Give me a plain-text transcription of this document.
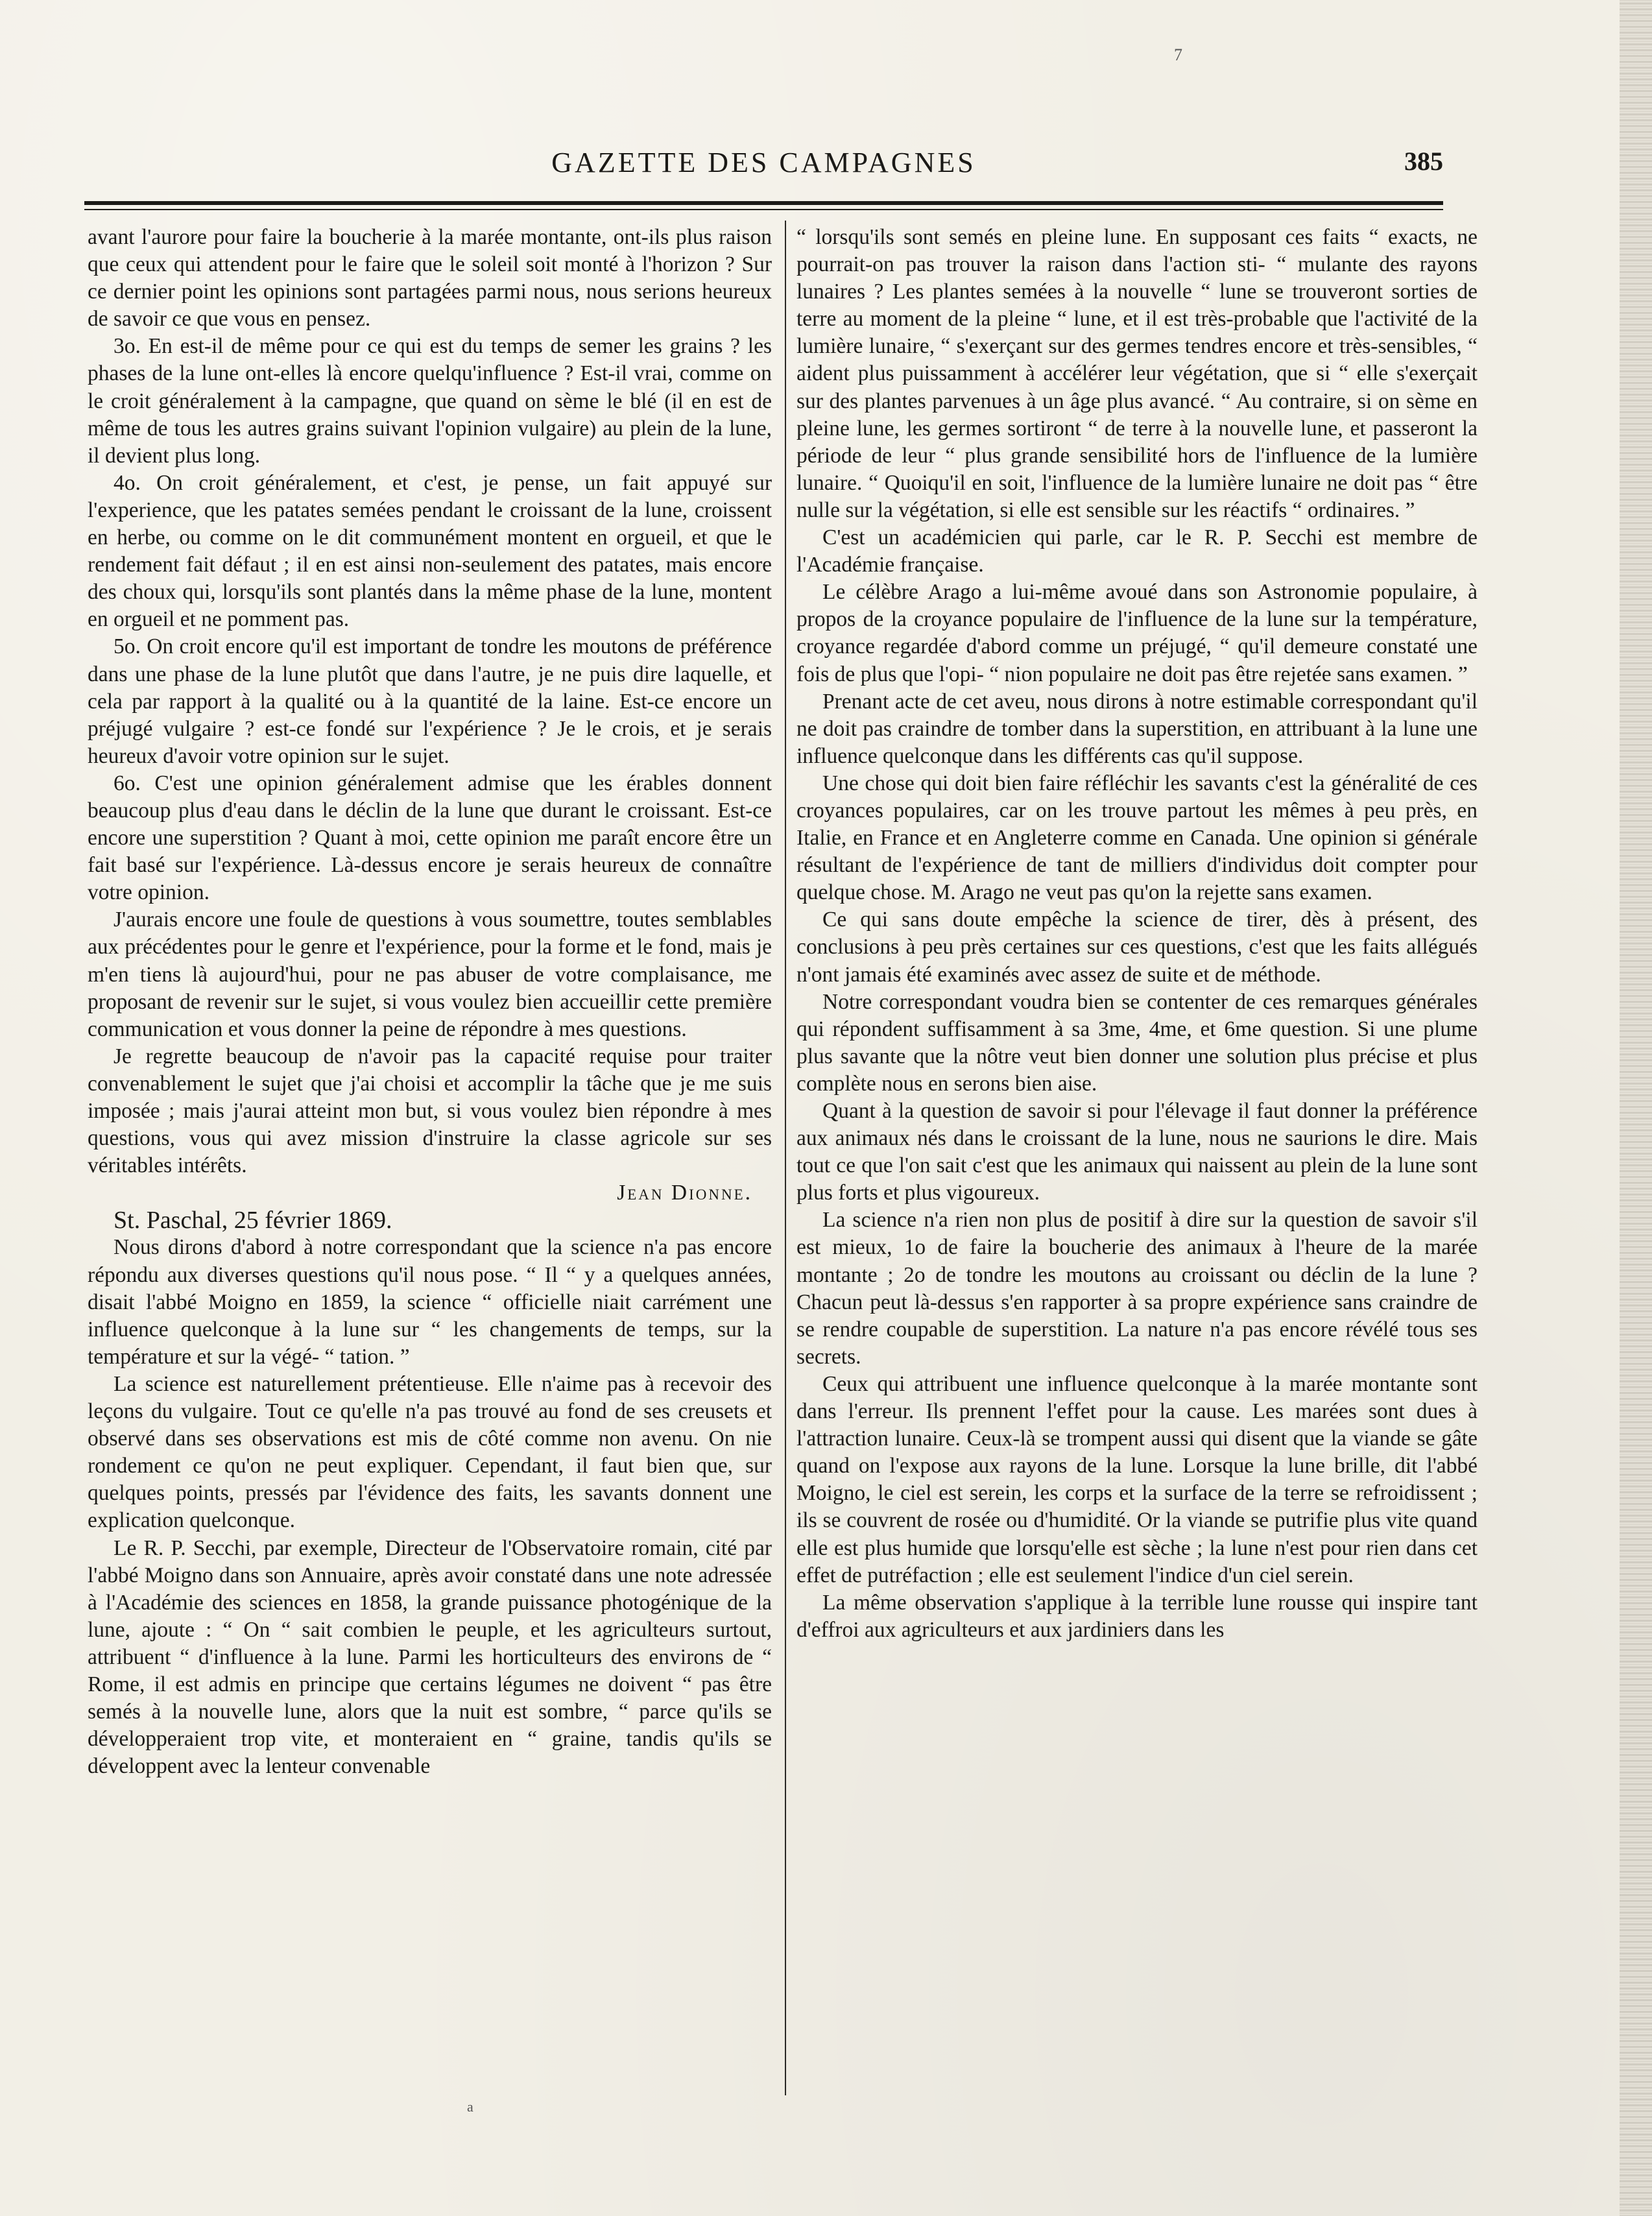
7
GAZETTE DES CAMPAGNES	385

avant l'aurore pour faire la boucherie à la marée montante, ont-ils plus raison que ceux qui attendent pour le faire que le soleil soit monté à l'horizon ? Sur ce dernier point les opinions sont partagées parmi nous, nous serions heureux de savoir ce que vous en pensez.

3o. En est-il de même pour ce qui est du temps de semer les grains ? les phases de la lune ont-elles là encore quelqu'influence ? Est-il vrai, comme on le croit généralement à la campagne, que quand on sème le blé (il en est de même de tous les autres grains suivant l'opinion vulgaire) au plein de la lune, il devient plus long.

4o. On croit généralement, et c'est, je pense, un fait appuyé sur l'experience, que les patates semées pendant le croissant de la lune, croissent en herbe, ou comme on le dit communément montent en orgueil, et que le rendement fait défaut ; il en est ainsi non-seulement des patates, mais encore des choux qui, lorsqu'ils sont plantés dans la même phase de la lune, montent en orgueil et ne pomment pas.

5o. On croit encore qu'il est important de tondre les moutons de préférence dans une phase de la lune plutôt que dans l'autre, je ne puis dire laquelle, et cela par rapport à la qualité ou à la quantité de la laine. Est-ce encore un préjugé vulgaire ? est-ce fondé sur l'expérience ? Je le crois, et je serais heureux d'avoir votre opinion sur le sujet.

6o. C'est une opinion généralement admise que les érables donnent beaucoup plus d'eau dans le déclin de la lune que durant le croissant. Est-ce encore une superstition ? Quant à moi, cette opinion me paraît encore être un fait basé sur l'expérience. Là-dessus encore je serais heureux de connaître votre opinion.

J'aurais encore une foule de questions à vous soumettre, toutes semblables aux précédentes pour le genre et l'expérience, pour la forme et le fond, mais je m'en tiens là aujourd'hui, pour ne pas abuser de votre complaisance, me proposant de revenir sur le sujet, si vous voulez bien accueillir cette première communication et vous donner la peine de répondre à mes questions.

Je regrette beaucoup de n'avoir pas la capacité requise pour traiter convenablement le sujet que j'ai choisi et accomplir la tâche que je me suis imposée ; mais j'aurai atteint mon but, si vous voulez bien répondre à mes questions, vous qui avez mission d'instruire la classe agricole sur ses véritables intérêts.

Jean Dionne.

St. Paschal, 25 février 1869.

Nous dirons d'abord à notre correspondant que la science n'a pas encore répondu aux diverses questions qu'il nous pose. “ Il “ y a quelques années, disait l'abbé Moigno en 1859, la science “ officielle niait carrément une influence quelconque à la lune sur “ les changements de temps, sur la température et sur la végé- “ tation. ”

La science est naturellement prétentieuse. Elle n'aime pas à recevoir des leçons du vulgaire. Tout ce qu'elle n'a pas trouvé au fond de ses creusets et observé dans ses observations est mis de côté comme non avenu. On nie rondement ce qu'on ne peut expliquer. Cependant, il faut bien que, sur quelques points, pressés par l'évidence des faits, les savants donnent une explication quelconque.

Le R. P. Secchi, par exemple, Directeur de l'Observatoire romain, cité par l'abbé Moigno dans son Annuaire, après avoir constaté dans une note adressée à l'Académie des sciences en 1858, la grande puissance photogénique de la lune, ajoute : “ On “ sait combien le peuple, et les agriculteurs surtout, attribuent “ d'influence à la lune. Parmi les horticulteurs des environs de “ Rome, il est admis en principe que certains légumes ne doivent “ pas être semés à la nouvelle lune, alors que la nuit est sombre, “ parce qu'ils se développeraient trop vite, et monteraient en “ graine, tandis qu'ils se développent avec la lenteur convenable

“ lorsqu'ils sont semés en pleine lune. En supposant ces faits “ exacts, ne pourrait-on pas trouver la raison dans l'action sti- “ mulante des rayons lunaires ? Les plantes semées à la nouvelle “ lune se trouveront sorties de terre au moment de la pleine “ lune, et il est très-probable que l'activité de la lumière lunaire, “ s'exerçant sur des germes tendres encore et très-sensibles, “ aident plus puissamment à accélérer leur végétation, que si “ elle s'exerçait sur des plantes parvenues à un âge plus avancé. “ Au contraire, si on sème en pleine lune, les germes sortiront “ de terre à la nouvelle lune, et passeront la période de leur “ plus grande sensibilité hors de l'influence de la lumière lunaire. “ Quoiqu'il en soit, l'influence de la lumière lunaire ne doit pas “ être nulle sur la végétation, si elle est sensible sur les réactifs “ ordinaires. ”

C'est un académicien qui parle, car le R. P. Secchi est membre de l'Académie française.

Le célèbre Arago a lui-même avoué dans son Astronomie populaire, à propos de la croyance populaire de l'influence de la lune sur la température, croyance regardée d'abord comme un préjugé, “ qu'il demeure constaté une fois de plus que l'opi- “ nion populaire ne doit pas être rejetée sans examen. ”

Prenant acte de cet aveu, nous dirons à notre estimable correspondant qu'il ne doit pas craindre de tomber dans la superstition, en attribuant à la lune une influence quelconque dans les différents cas qu'il suppose.

Une chose qui doit bien faire réfléchir les savants c'est la généralité de ces croyances populaires, car on les trouve partout les mêmes à peu près, en Italie, en France et en Angleterre comme en Canada. Une opinion si générale résultant de l'expérience de tant de milliers d'individus doit compter pour quelque chose. M. Arago ne veut pas qu'on la rejette sans examen.

Ce qui sans doute empêche la science de tirer, dès à présent, des conclusions à peu près certaines sur ces questions, c'est que les faits allégués n'ont jamais été examinés avec assez de suite et de méthode.

Notre correspondant voudra bien se contenter de ces remarques générales qui répondent suffisamment à sa 3me, 4me, et 6me question. Si une plume plus savante que la nôtre veut bien donner une solution plus précise et plus complète nous en serons bien aise.

Quant à la question de savoir si pour l'élevage il faut donner la préférence aux animaux nés dans le croissant de la lune, nous ne saurions le dire. Mais tout ce que l'on sait c'est que les animaux qui naissent au plein de la lune sont plus forts et plus vigoureux.

La science n'a rien non plus de positif à dire sur la question de savoir s'il est mieux, 1o de faire la boucherie des animaux à l'heure de la marée montante ; 2o de tondre les moutons au croissant ou déclin de la lune ? Chacun peut là-dessus s'en rapporter à sa propre expérience sans craindre de se rendre coupable de superstition. La nature n'a pas encore révélé tous ses secrets.

Ceux qui attribuent une influence quelconque à la marée montante sont dans l'erreur. Ils prennent l'effet pour la cause. Les marées sont dues à l'attraction lunaire. Ceux-là se trompent aussi qui disent que la viande se gâte quand on l'expose aux rayons de la lune. Lorsque la lune brille, dit l'abbé Moigno, le ciel est serein, les corps et la surface de la terre se refroidissent ; ils se couvrent de rosée ou d'humidité. Or la viande se putrifie plus vite quand elle est plus humide que lorsqu'elle est sèche ; la lune n'est pour rien dans cet effet de putréfaction ; elle est seulement l'indice d'un ciel serein.

La même observation s'applique à la terrible lune rousse qui inspire tant d'effroi aux agriculteurs et aux jardiniers dans les

a
